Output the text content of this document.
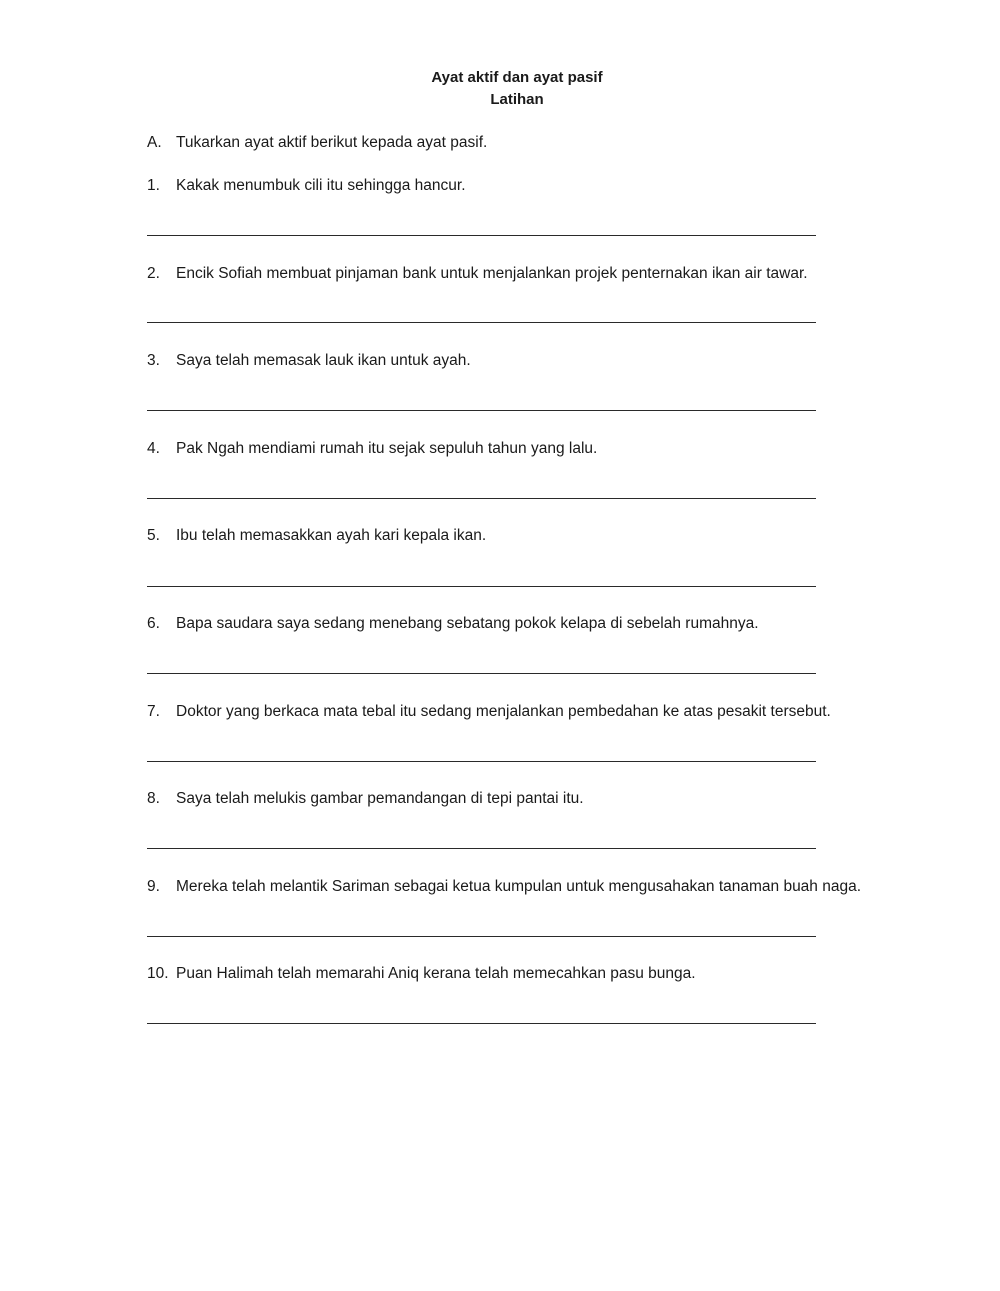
Ayat aktif dan ayat pasif
Latihan
A. Tukarkan ayat aktif berikut kepada ayat pasif.
1. Kakak menumbuk cili itu sehingga hancur.
2. Encik Sofiah membuat pinjaman bank untuk menjalankan projek penternakan ikan air tawar.
3. Saya telah memasak lauk ikan untuk ayah.
4. Pak Ngah mendiami rumah itu sejak sepuluh tahun yang lalu.
5. Ibu telah memasakkan ayah kari kepala ikan.
6. Bapa saudara saya sedang menebang sebatang pokok kelapa di sebelah rumahnya.
7. Doktor yang berkaca mata tebal itu sedang menjalankan pembedahan ke atas pesakit tersebut.
8. Saya telah melukis gambar pemandangan di tepi pantai itu.
9. Mereka telah melantik Sariman sebagai ketua kumpulan untuk mengusahakan tanaman buah naga.
10. Puan Halimah telah memarahi Aniq kerana telah memecahkan pasu bunga.
